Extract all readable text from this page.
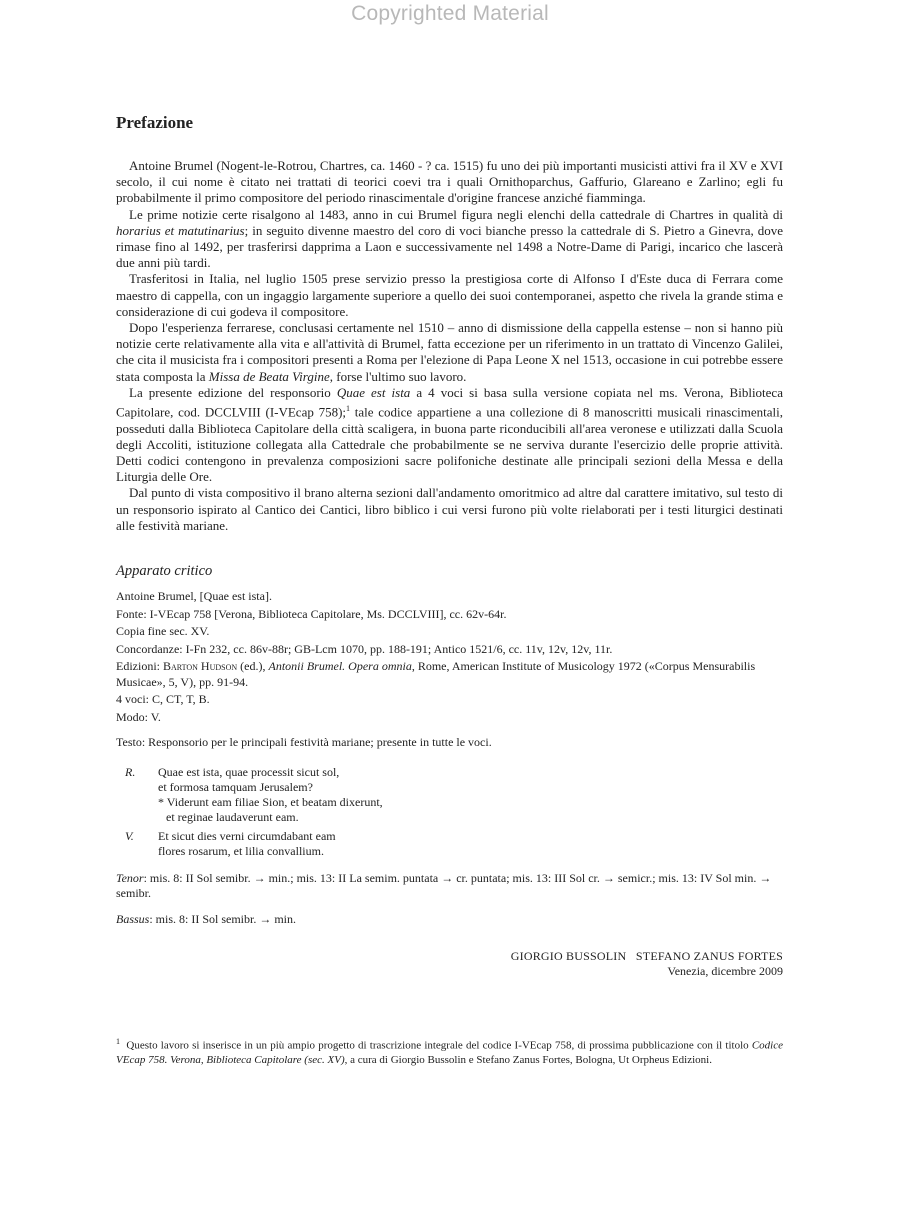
Copyrighted Material
Prefazione

Antoine Brumel (Nogent-le-Rotrou, Chartres, ca. 1460 - ? ca. 1515) fu uno dei più importanti musicisti attivi fra il XV e XVI secolo, il cui nome è citato nei trattati di teorici coevi tra i quali Ornithoparchus, Gaffurio, Glareano e Zarlino; egli fu probabilmente il primo compositore del periodo rinascimentale d'origine francese anziché fiamminga.

Le prime notizie certe risalgono al 1483, anno in cui Brumel figura negli elenchi della cattedrale di Chartres in qualità di horarius et matutinarius; in seguito divenne maestro del coro di voci bianche presso la cattedrale di S. Pietro a Ginevra, dove rimase fino al 1492, per trasferirsi dapprima a Laon e successivamente nel 1498 a Notre-Dame di Parigi, incarico che lascerà due anni più tardi.

Trasferitosi in Italia, nel luglio 1505 prese servizio presso la prestigiosa corte di Alfonso I d'Este duca di Ferrara come maestro di cappella, con un ingaggio largamente superiore a quello dei suoi contemporanei, aspetto che rivela la grande stima e considerazione di cui godeva il compositore.

Dopo l'esperienza ferrarese, conclusasi certamente nel 1510 – anno di dismissione della cappella estense – non si hanno più notizie certe relativamente alla vita e all'attività di Brumel, fatta eccezione per un riferimento in un trattato di Vincenzo Galilei, che cita il musicista fra i compositori presenti a Roma per l'elezione di Papa Leone X nel 1513, occasione in cui potrebbe essere stata composta la Missa de Beata Virgine, forse l'ultimo suo lavoro.

La presente edizione del responsorio Quae est ista a 4 voci si basa sulla versione copiata nel ms. Verona, Biblioteca Capitolare, cod. DCCLVIII (I-VEcap 758);$^1$ tale codice appartiene a una collezione di 8 manoscritti musicali rinascimentali, posseduti dalla Biblioteca Capitolare della città scaligera, in buona parte riconducibili all'area veronese e utilizzati dalla Scuola degli Accoliti, istituzione collegata alla Cattedrale che probabilmente se ne serviva durante l'esercizio delle proprie attività. Detti codici contengono in prevalenza composizioni sacre polifoniche destinate alle principali sezioni della Messa e della Liturgia delle Ore.

Dal punto di vista compositivo il brano alterna sezioni dall'andamento omoritmico ad altre dal carattere imitativo, sul testo di un responsorio ispirato al Cantico dei Cantici, libro biblico i cui versi furono più volte rielaborati per i testi liturgici destinati alle festività mariane.

Apparato critico

Antoine Brumel, [Quae est ista].

Fonte: I-VEcap 758 [Verona, Biblioteca Capitolare, Ms. DCCLVIII], cc. 62v-64r.

Copia fine sec. XV.

Concordanze: I-Fn 232, cc. 86v-88r; GB-Lcm 1070, pp. 188-191; Antico 1521/6, cc. 11v, 12v, 12v, 11r.

Edizioni: Barton Hudson (ed.), Antonii Brumel. Opera omnia, Rome, American Institute of Musicology 1972 («Corpus Mensurabilis Musicae», 5, V), pp. 91-94.

4 voci: C, CT, T, B.

Modo: V.

Testo: Responsorio per le principali festività mariane; presente in tutte le voci.

R.	Quae est ista, quae processit sicut sol,
et formosa tamquam Jerusalem?
* Viderunt eam filiae Sion, et beatam dixerunt,
et reginae laudaverunt eam.
V.	Et sicut dies verni circumdabant eam
flores rosarum, et lilia convallium.

Tenor: mis. 8: II Sol semibr. → min.; mis. 13: II La semim. puntata → cr. puntata; mis. 13: III Sol cr. → semicr.; mis. 13: IV Sol min. → semibr.

Bassus: mis. 8: II Sol semibr. → min.

GIORGIO BUSSOLIN   STEFANO ZANUS FORTES
Venezia, dicembre 2009
$^1$ Questo lavoro si inserisce in un più ampio progetto di trascrizione integrale del codice I-VEcap 758, di prossima pubblicazione con il titolo Codice VEcap 758. Verona, Biblioteca Capitolare (sec. XV), a cura di Giorgio Bussolin e Stefano Zanus Fortes, Bologna, Ut Orpheus Edizioni.
